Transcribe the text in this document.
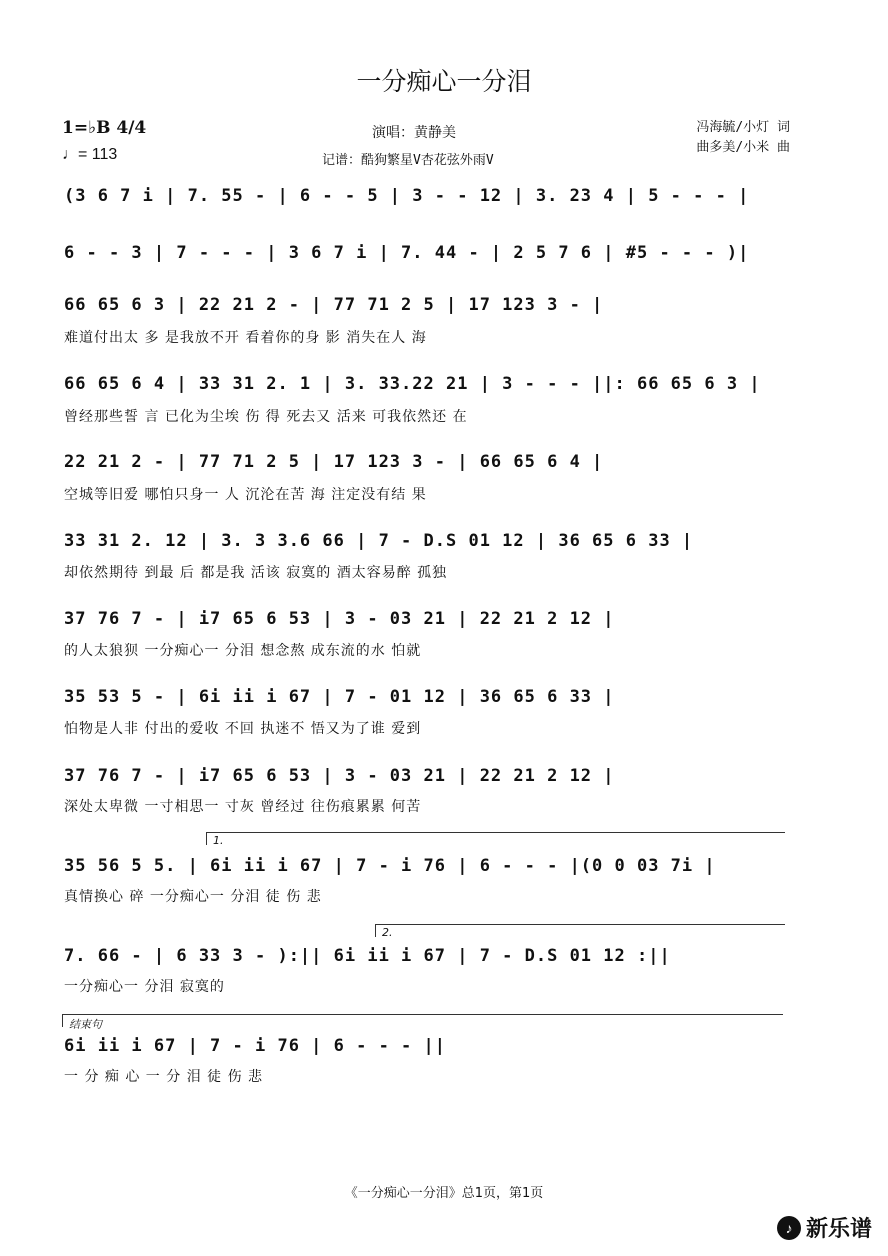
一分痴心一分泪
1=♭B 4/4
♩= 113
演唱：黄静美
记谱：酷狗繁星V杏花弦外雨V
冯海毓/小灯 词
曲多美/小米 曲
(3 6 7 i | 7. 55 - | 6 - - 5 | 3 - - 12 | 3. 23 4 | 5 - - - |
6 - - 3 | 7 - - - | 3 6 7 i | 7. 44 - | 2 5 7 6 | #5 - - - )|
66 65 6 3 | 22 21 2 - | 77 71 2 5 | 17 123 3 - |
难道付出太 多 是我放不开 看着你的身 影 消失在人 海
66 65 6 4 | 33 31 2. 1 | 3. 33.22 21 | 3 - - - ||: 66 65 6 3 |
曾经那些誓 言 已化为尘埃 伤 得 死去又 活来 可我依然还 在
22 21 2 - | 77 71 2 5 | 17 123 3 - | 66 65 6 4 |
空城等旧爱 哪怕只身一 人 沉沦在苦 海 注定没有结 果
33 31 2. 12 | 3. 3 3.6 66 | 7 - D.S 01 12 | 36 65 6 33 |
却依然期待 到最 后 都是我 活该 寂寞的 酒太容易醉 孤独
37 76 7 - | i7 65 6 53 | 3 - 03 21 | 22 21 2 12 |
的人太狼狈 一分痴心一 分泪 想念熬 成东流的水 怕就
35 53 5 - | 6i ii i 67 | 7 - 01 12 | 36 65 6 33 |
怕物是人非 付出的爱收 不回 执迷不 悟又为了谁 爱到
37 76 7 - | i7 65 6 53 | 3 - 03 21 | 22 21 2 12 |
深处太卑微 一寸相思一 寸灰 曾经过 往伤痕累累 何苦
1.
35 56 5 5. | 6i ii i 67 | 7 - i 76 | 6 - - - |(0 0 03 7i |
真情换心 碎 一分痴心一 分泪 徒 伤 悲
2.
7. 66 - | 6 33 3 - ):|| 6i ii i 67 | 7 - D.S 01 12 :||
一分痴心一 分泪 寂寞的
结束句
6i ii i 67 | 7 - i 76 | 6 - - - ||
一 分 痴 心 一 分 泪 徒 伤 悲
《一分痴心一分泪》总1页，第1页
♪ 新乐谱
